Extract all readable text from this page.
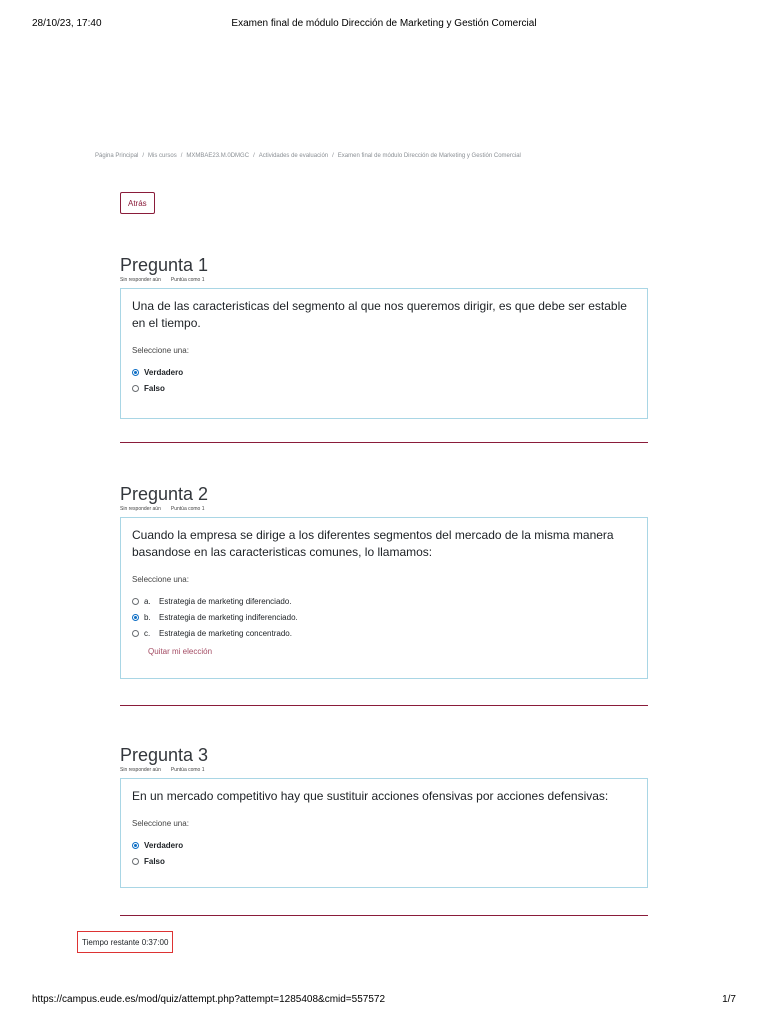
28/10/23, 17:40	Examen final de módulo Dirección de Marketing y Gestión Comercial
Página Principal / Mis cursos / MXMBAE23.M.0DMGC / Actividades de evaluación / Examen final de módulo Dirección de Marketing y Gestión Comercial
Atrás
Pregunta 1
Sin responder aún Puntúa como 1
Una de las caracteristicas del segmento al que nos queremos dirigir, es que debe ser estable en el tiempo.
Seleccione una:
Verdadero
Falso
Pregunta 2
Sin responder aún Puntúa como 1
Cuando la empresa se dirige a los diferentes segmentos del mercado de la misma manera basandose en las caracteristicas comunes, lo llamamos:
Seleccione una:
a.	Estrategia de marketing diferenciado.
b.	Estrategia de marketing indiferenciado.
c.	Estrategia de marketing concentrado.
Quitar mi elección
Pregunta 3
Sin responder aún Puntúa como 1
En un mercado competitivo hay que sustituir acciones ofensivas por acciones defensivas:
Seleccione una:
Verdadero
Falso
Tiempo restante 0:37:00
https://campus.eude.es/mod/quiz/attempt.php?attempt=1285408&cmid=557572	1/7
